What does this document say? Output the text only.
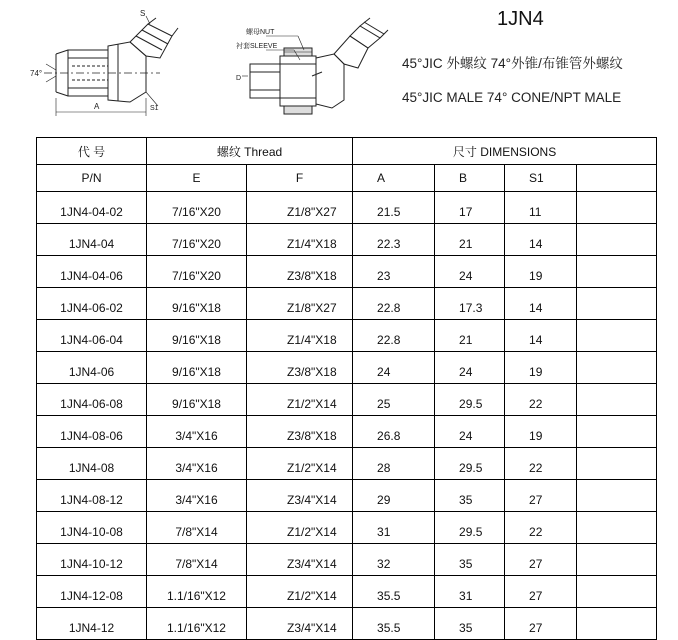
74°
A
S
S1
螺母NUT
衬套SLEEVE
D
1JN4
45°JIC 外螺纹 74°外锥/布锥管外螺纹
45°JIC MALE 74° CONE/NPT MALE
代 号	螺纹 Thread		尺寸 DIMENSIONS			
P/N	E	F	A	B	S1	
1JN4-04-02	7/16"X20	Z1/8"X27	21.5	17	11	
1JN4-04	7/16"X20	Z1/4"X18	22.3	21	14	
1JN4-04-06	7/16"X20	Z3/8"X18	23	24	19	
1JN4-06-02	9/16"X18	Z1/8"X27	22.8	17.3	14	
1JN4-06-04	9/16"X18	Z1/4"X18	22.8	21	14	
1JN4-06	9/16"X18	Z3/8"X18	24	24	19	
1JN4-06-08	9/16"X18	Z1/2"X14	25	29.5	22	
1JN4-08-06	3/4"X16	Z3/8"X18	26.8	24	19	
1JN4-08	3/4"X16	Z1/2"X14	28	29.5	22	
1JN4-08-12	3/4"X16	Z3/4"X14	29	35	27	
1JN4-10-08	7/8"X14	Z1/2"X14	31	29.5	22	
1JN4-10-12	7/8"X14	Z3/4"X14	32	35	27	
1JN4-12-08	1.1/16"X12	Z1/2"X14	35.5	31	27	
1JN4-12	1.1/16"X12	Z3/4"X14	35.5	35	27	
